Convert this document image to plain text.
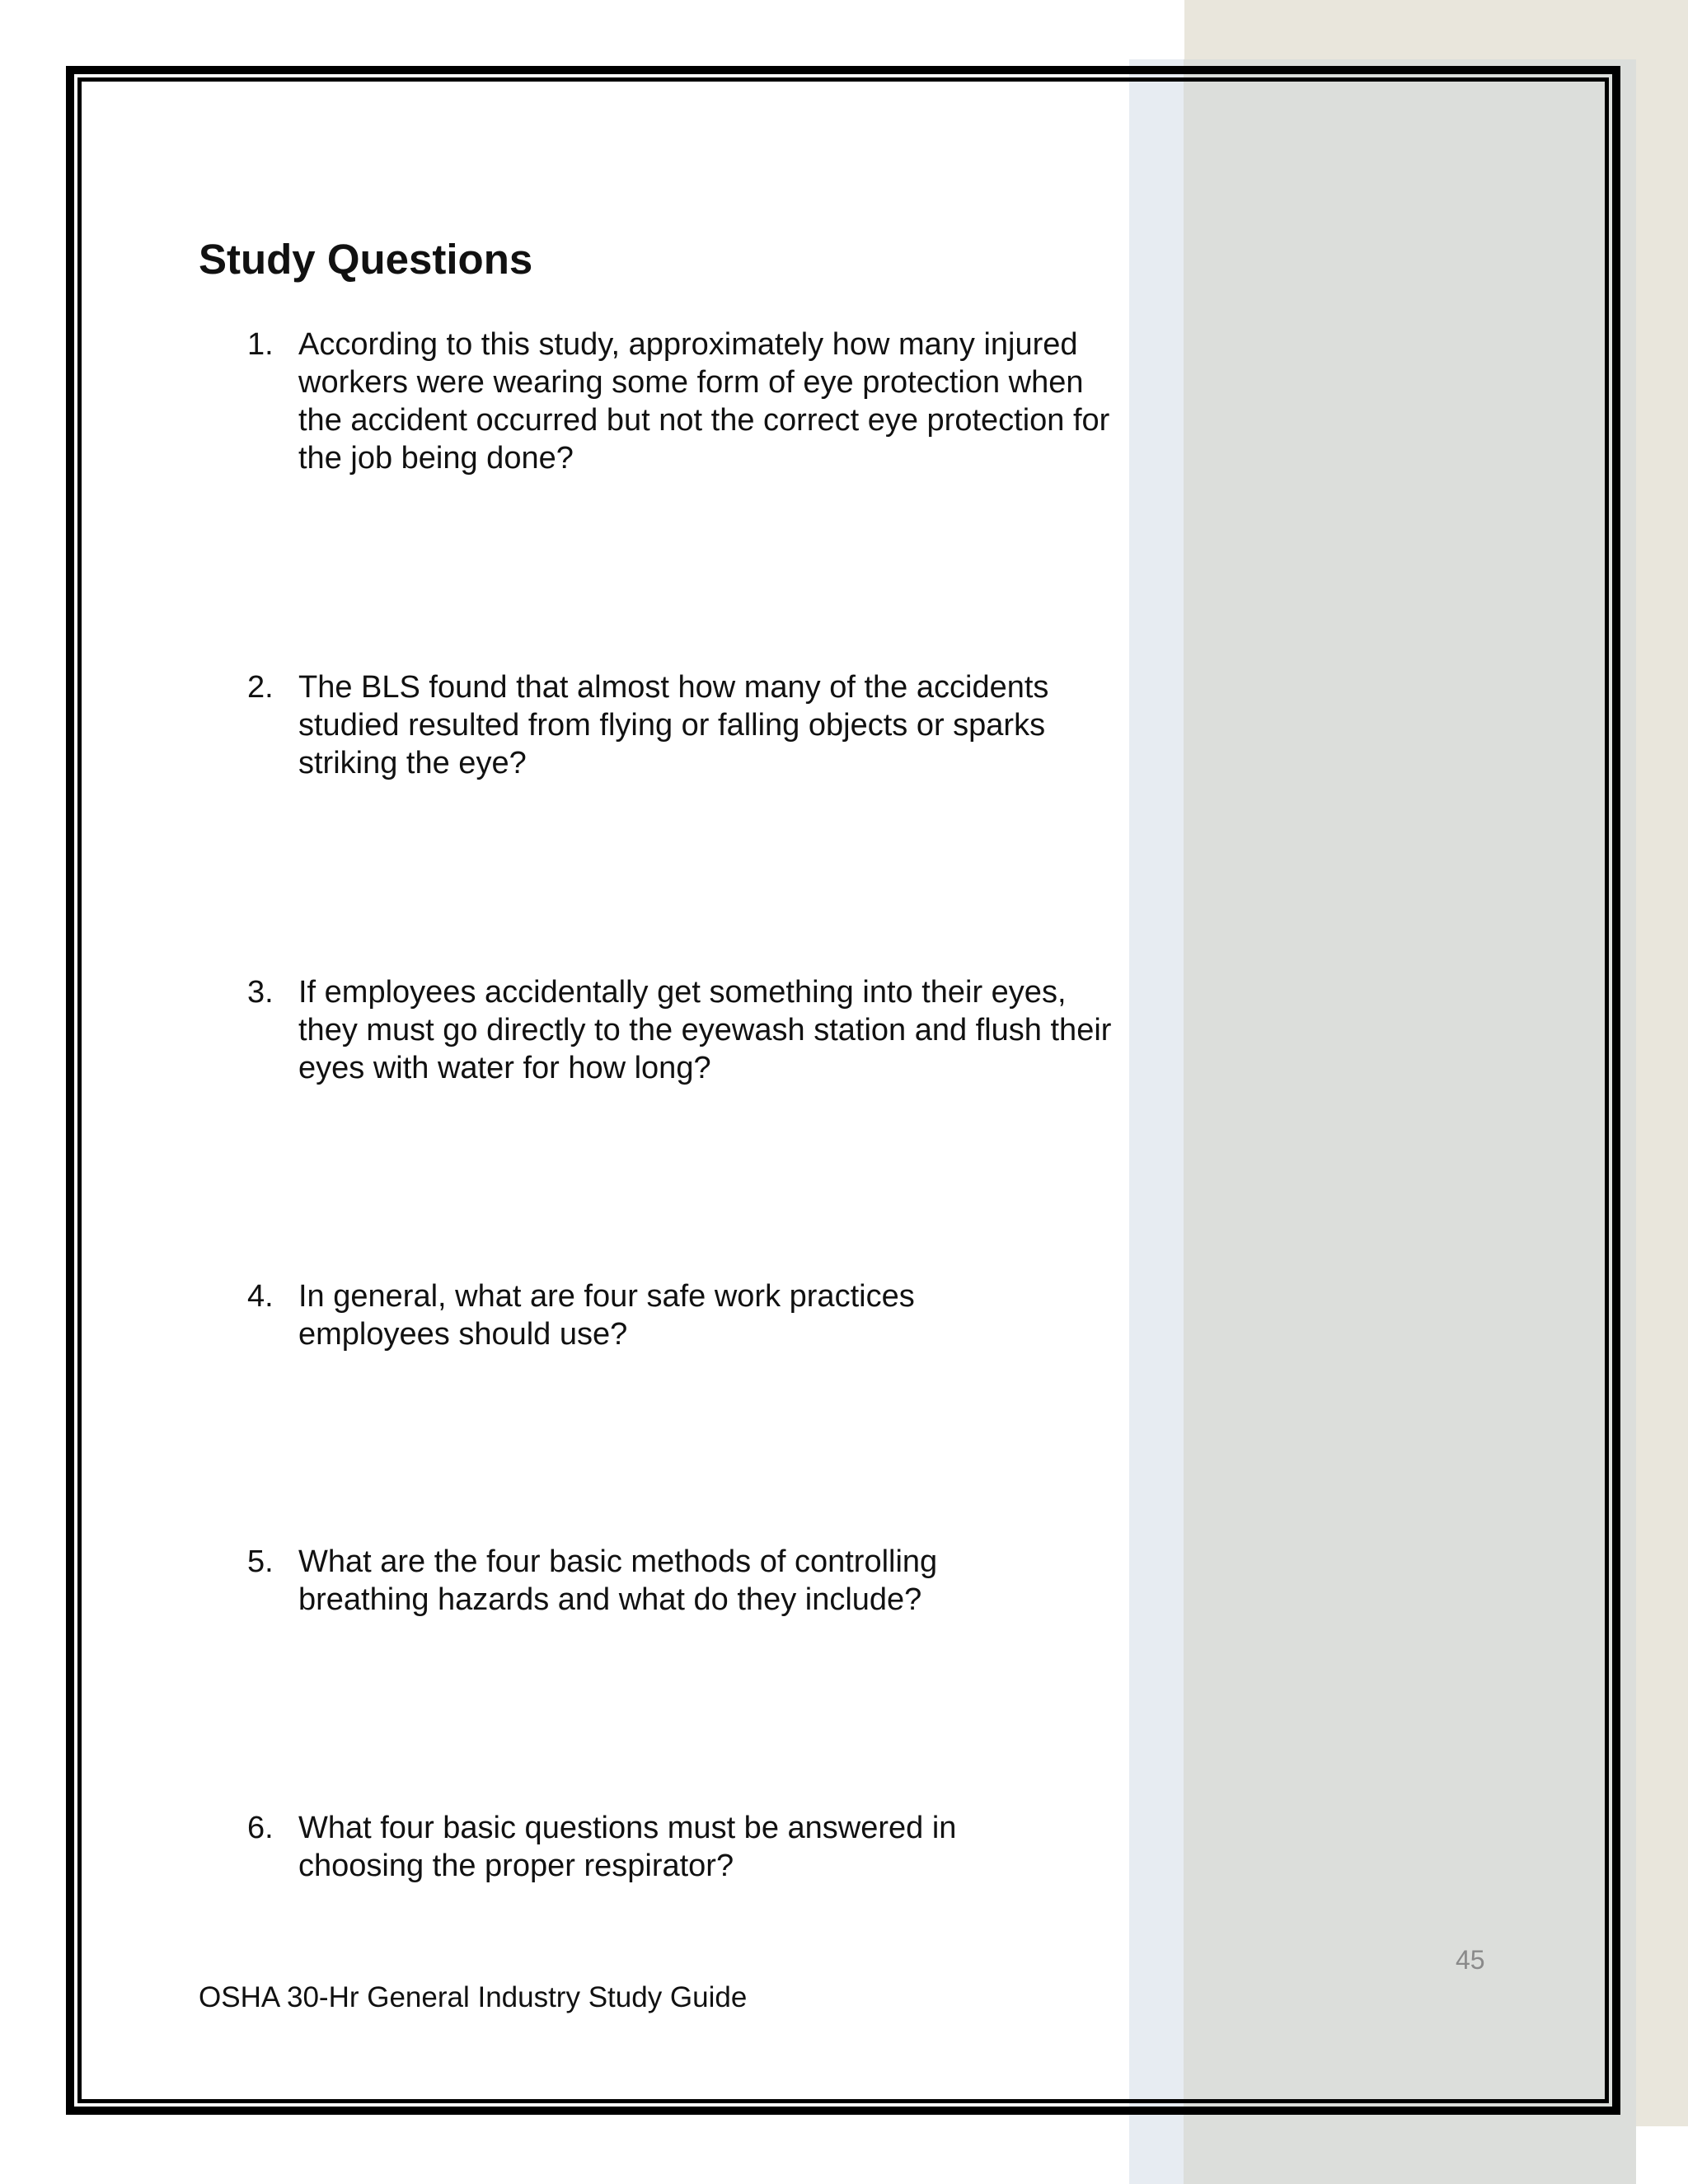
Study Questions
1. According to this study, approximately how many injured workers were wearing some form of eye protection when the accident occurred but not the correct eye protection for the job being done?
2. The BLS found that almost how many of the accidents studied resulted from flying or falling objects or sparks striking the eye?
3. If employees accidentally get something into their eyes, they must go directly to the eyewash station and flush their eyes with water for how long?
4. In general, what are four safe work practices employees should use?
5. What are the four basic methods of controlling breathing hazards and what do they include?
6. What four basic questions must be answered in choosing the proper respirator?
45
OSHA 30-Hr General Industry Study Guide
